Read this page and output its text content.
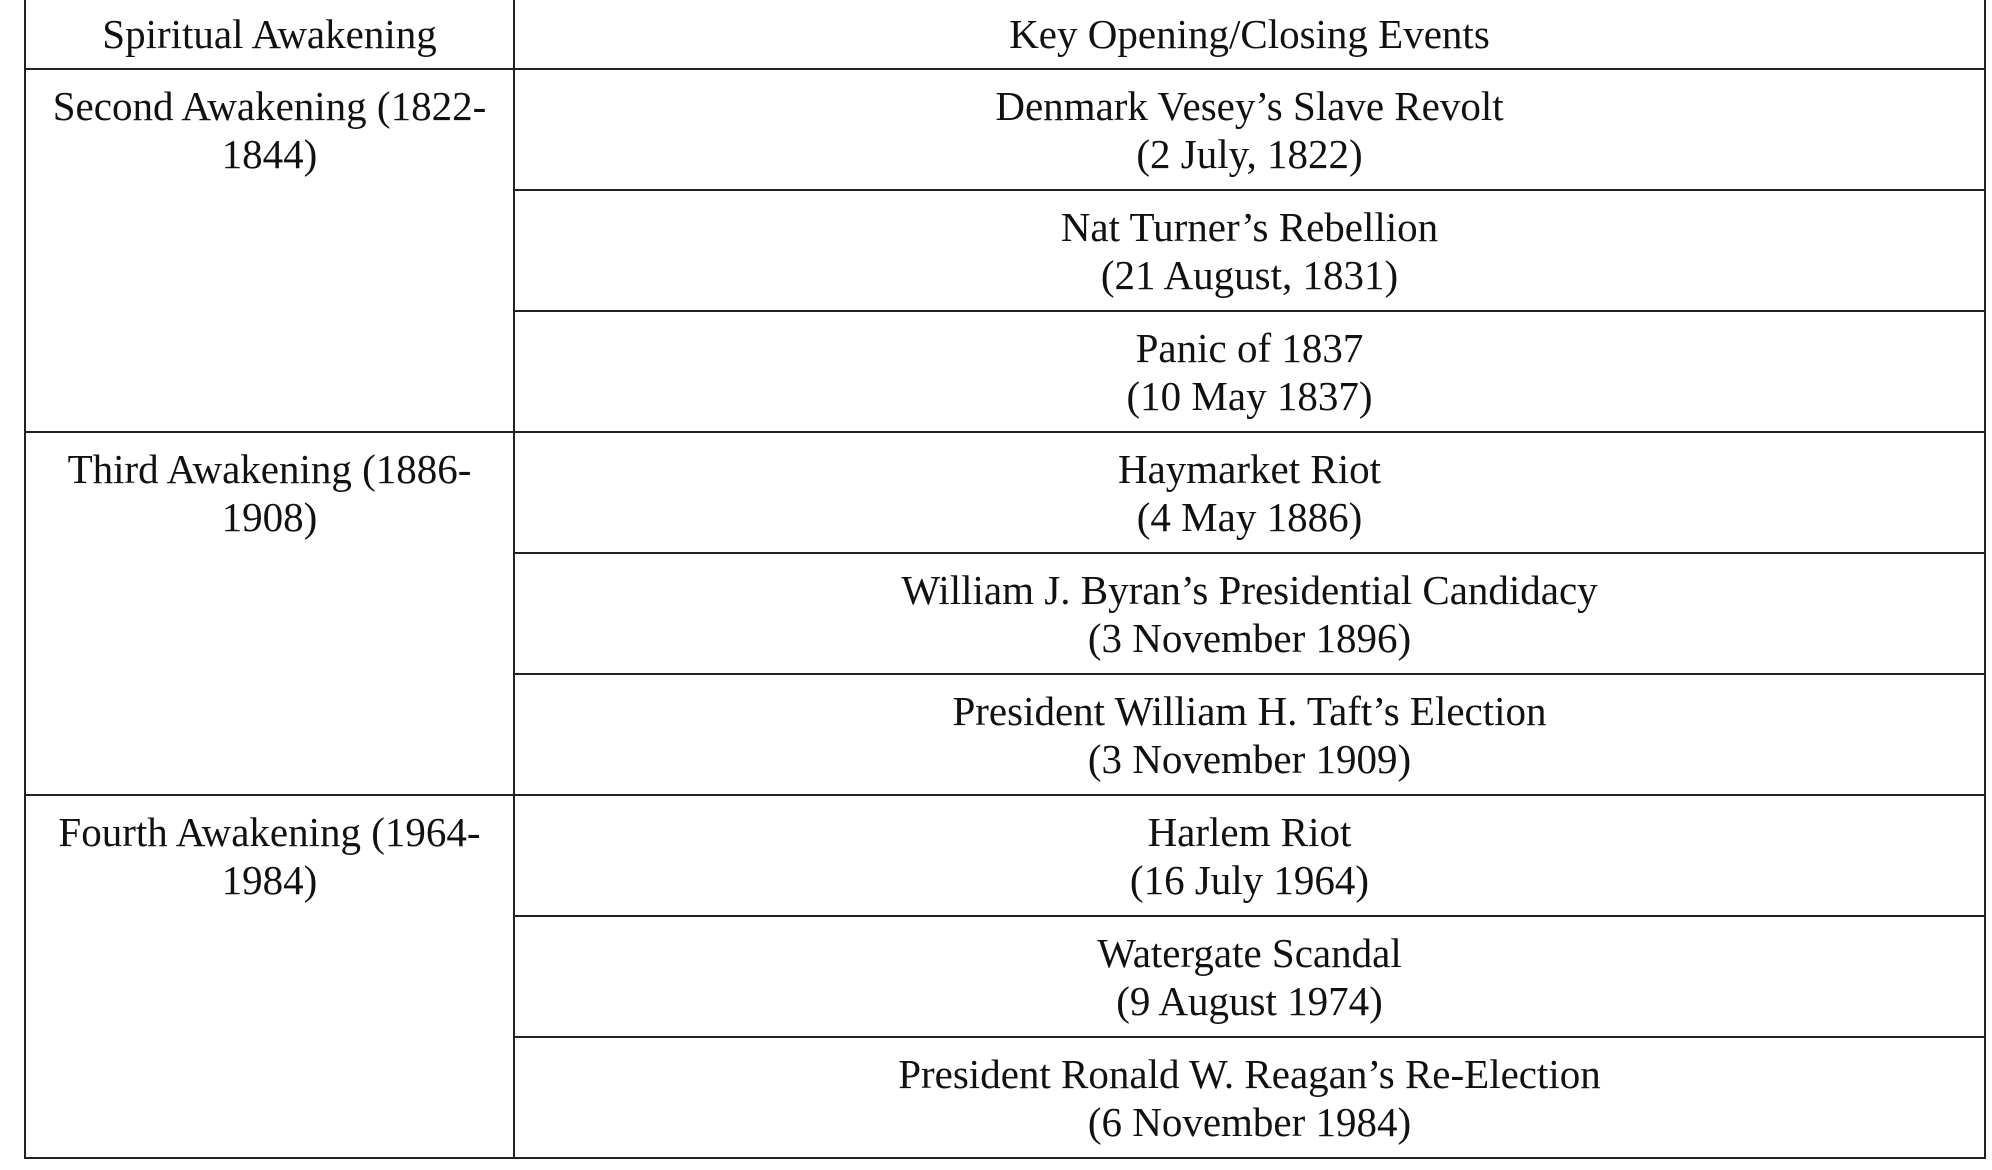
Spiritual Awakening	Key Opening/Closing Events
Second Awakening (1822-1844)	Denmark Vesey’s Slave Revolt
(2 July, 1822)

	Nat Turner’s Rebellion
(21 August, 1831)

	Panic of 1837
(10 May 1837)

Third Awakening (1886-1908)	Haymarket Riot
(4 May 1886)

	William J. Byran’s Presidential Candidacy
(3 November 1896)

	President William H. Taft’s Election
(3 November 1909)

Fourth Awakening (1964-1984)	Harlem Riot
(16 July 1964)

	Watergate Scandal
(9 August 1974)

	President Ronald W. Reagan’s Re-Election
(6 November 1984)
